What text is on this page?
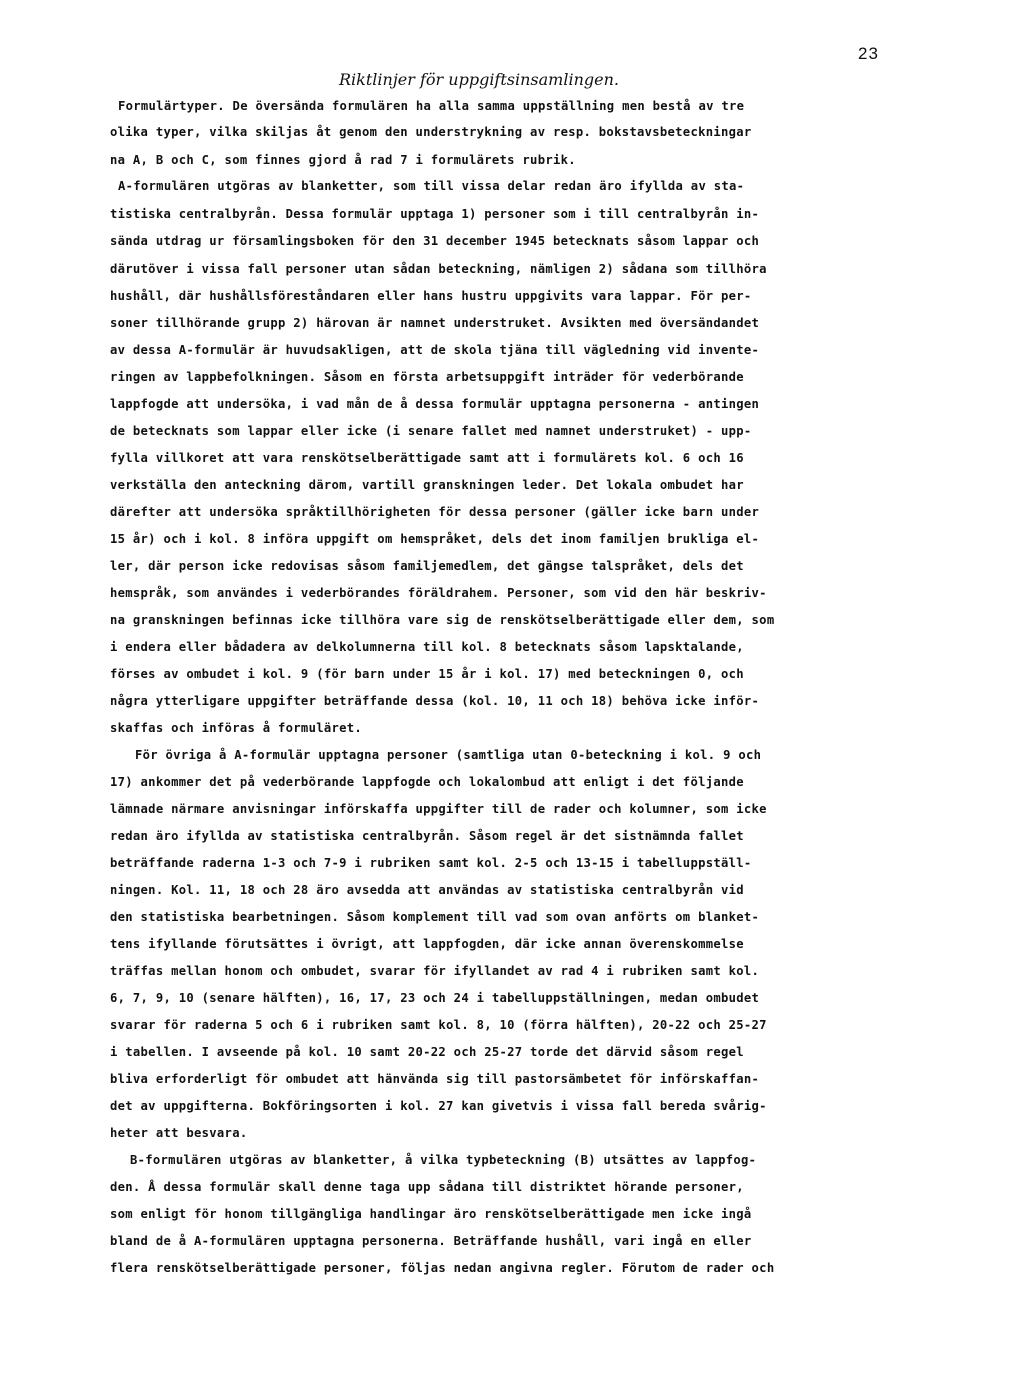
23
Riktlinjer för uppgiftsinsamlingen.
Formulärtyper. De översända formulären ha alla samma uppställning men bestå av tre
olika typer, vilka skiljas åt genom den understrykning av resp. bokstavsbeteckningar
na A, B och C, som finnes gjord å rad 7 i formulärets rubrik.
A-formulären utgöras av blanketter, som till vissa delar redan äro ifyllda av sta-
tistiska centralbyrån. Dessa formulär upptaga 1) personer som i till centralbyrån in-
sända utdrag ur församlingsboken för den 31 december 1945 betecknats såsom lappar och
därutöver i vissa fall personer utan sådan beteckning, nämligen 2) sådana som tillhöra
hushåll, där hushållsföreståndaren eller hans hustru uppgivits vara lappar. För per-
soner tillhörande grupp 2) härovan är namnet understruket. Avsikten med översändandet
av dessa A-formulär är huvudsakligen, att de skola tjäna till vägledning vid invente-
ringen av lappbefolkningen. Såsom en första arbetsuppgift inträder för vederbörande
lappfogde att undersöka, i vad mån de å dessa formulär upptagna personerna - antingen
de betecknats som lappar eller icke (i senare fallet med namnet understruket) - upp-
fylla villkoret att vara renskötselberättigade samt att i formulärets kol. 6 och 16
verkställa den anteckning därom, vartill granskningen leder. Det lokala ombudet har
därefter att undersöka språktillhörigheten för dessa personer (gäller icke barn under
15 år) och i kol. 8 införa uppgift om hemspråket, dels det inom familjen brukliga el-
ler, där person icke redovisas såsom familjemedlem, det gängse talspråket, dels det
hemspråk, som användes i vederbörandes föräldrahem. Personer, som vid den här beskriv-
na granskningen befinnas icke tillhöra vare sig de renskötselberättigade eller dem, som
i endera eller bådadera av delkolumnerna till kol. 8 betecknats såsom lapsktalande,
förses av ombudet i kol. 9 (för barn under 15 år i kol. 17) med beteckningen 0, och
några ytterligare uppgifter beträffande dessa (kol. 10, 11 och 18) behöva icke inför-
skaffas och införas å formuläret.
För övriga å A-formulär upptagna personer (samtliga utan 0-beteckning i kol. 9 och
17) ankommer det på vederbörande lappfogde och lokalombud att enligt i det följande
lämnade närmare anvisningar införskaffa uppgifter till de rader och kolumner, som icke
redan äro ifyllda av statistiska centralbyrån. Såsom regel är det sistnämnda fallet
beträffande raderna 1-3 och 7-9 i rubriken samt kol. 2-5 och 13-15 i tabelluppställ-
ningen. Kol. 11, 18 och 28 äro avsedda att användas av statistiska centralbyrån vid
den statistiska bearbetningen. Såsom komplement till vad som ovan anförts om blanket-
tens ifyllande förutsättes i övrigt, att lappfogden, där icke annan överenskommelse
träffas mellan honom och ombudet, svarar för ifyllandet av rad 4 i rubriken samt kol.
6, 7, 9, 10 (senare hälften), 16, 17, 23 och 24 i tabelluppställningen, medan ombudet
svarar för raderna 5 och 6 i rubriken samt kol. 8, 10 (förra hälften), 20-22 och 25-27
i tabellen. I avseende på kol. 10 samt 20-22 och 25-27 torde det därvid såsom regel
bliva erforderligt för ombudet att hänvända sig till pastorsämbetet för införskaffan-
det av uppgifterna. Bokföringsorten i kol. 27 kan givetvis i vissa fall bereda svårig-
heter att besvara.
B-formulären utgöras av blanketter, å vilka typbeteckning (B) utsättes av lappfog-
den. Å dessa formulär skall denne taga upp sådana till distriktet hörande personer,
som enligt för honom tillgängliga handlingar äro renskötselberättigade men icke ingå
bland de å A-formulären upptagna personerna. Beträffande hushåll, vari ingå en eller
flera renskötselberättigade personer, följas nedan angivna regler. Förutom de rader och
